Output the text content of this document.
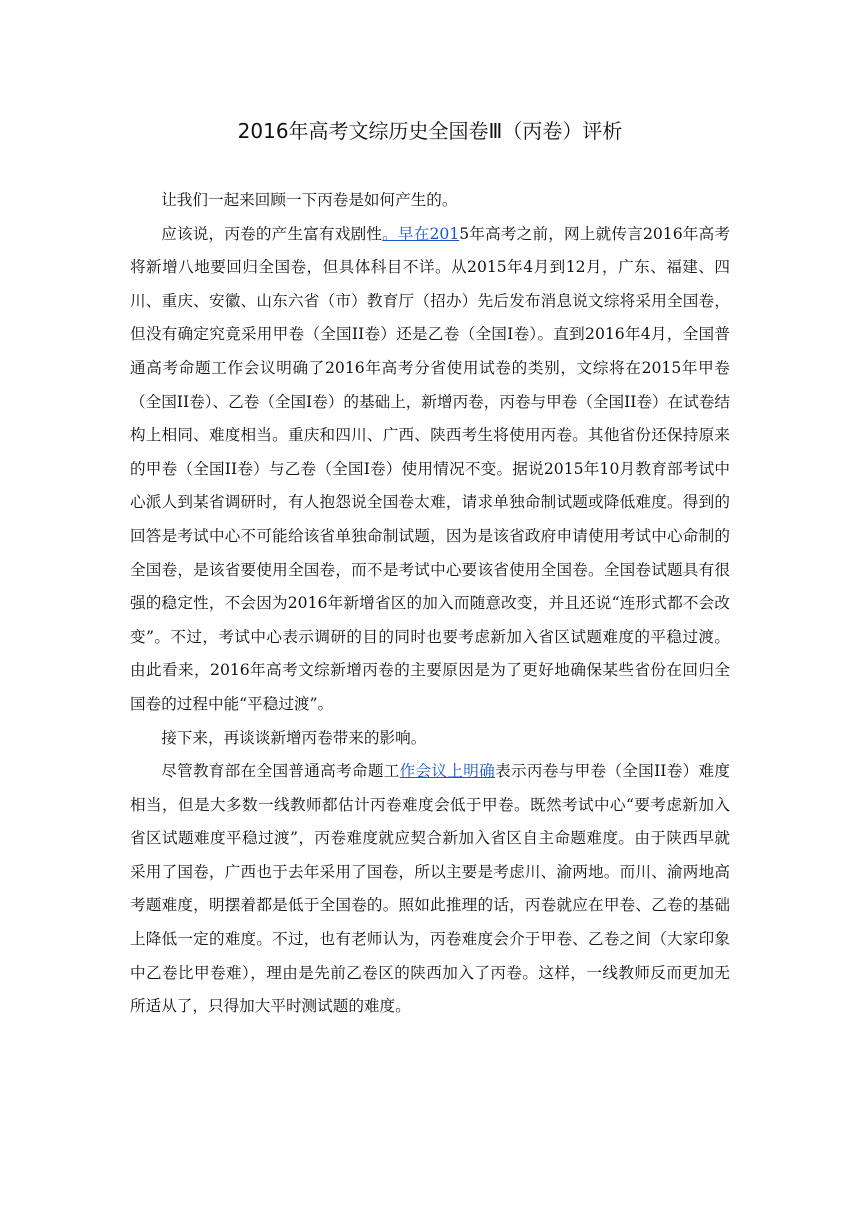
2016年高考文综历史全国卷Ⅲ（丙卷）评析

让我们一起来回顾一下丙卷是如何产生的。

应该说，丙卷的产生富有戏剧性。早在2015年高考之前，网上就传言2016年高考将新增八地要回归全国卷，但具体科目不详。从2015年4月到12月，广东、福建、四川、重庆、安徽、山东六省（市）教育厅（招办）先后发布消息说文综将采用全国卷，但没有确定究竟采用甲卷（全国II卷）还是乙卷（全国I卷）。直到2016年4月，全国普通高考命题工作会议明确了2016年高考分省使用试卷的类别，文综将在2015年甲卷（全国II卷）、乙卷（全国I卷）的基础上，新增丙卷，丙卷与甲卷（全国II卷）在试卷结构上相同、难度相当。重庆和四川、广西、陕西考生将使用丙卷。其他省份还保持原来的甲卷（全国II卷）与乙卷（全国I卷）使用情况不变。据说2015年10月教育部考试中心派人到某省调研时，有人抱怨说全国卷太难，请求单独命制试题或降低难度。得到的回答是考试中心不可能给该省单独命制试题，因为是该省政府申请使用考试中心命制的全国卷，是该省要使用全国卷，而不是考试中心要该省使用全国卷。全国卷试题具有很强的稳定性，不会因为2016年新增省区的加入而随意改变，并且还说“连形式都不会改变”。不过，考试中心表示调研的目的同时也要考虑新加入省区试题难度的平稳过渡。由此看来，2016年高考文综新增丙卷的主要原因是为了更好地确保某些省份在回归全国卷的过程中能“平稳过渡”。

接下来，再谈谈新增丙卷带来的影响。

尽管教育部在全国普通高考命题工作会议上明确表示丙卷与甲卷（全国II卷）难度相当，但是大多数一线教师都估计丙卷难度会低于甲卷。既然考试中心“要考虑新加入省区试题难度平稳过渡”，丙卷难度就应契合新加入省区自主命题难度。由于陕西早就采用了国卷，广西也于去年采用了国卷，所以主要是考虑川、渝两地。而川、渝两地高考题难度，明摆着都是低于全国卷的。照如此推理的话，丙卷就应在甲卷、乙卷的基础上降低一定的难度。不过，也有老师认为，丙卷难度会介于甲卷、乙卷之间（大家印象中乙卷比甲卷难），理由是先前乙卷区的陕西加入了丙卷。这样，一线教师反而更加无所适从了，只得加大平时测试题的难度。
